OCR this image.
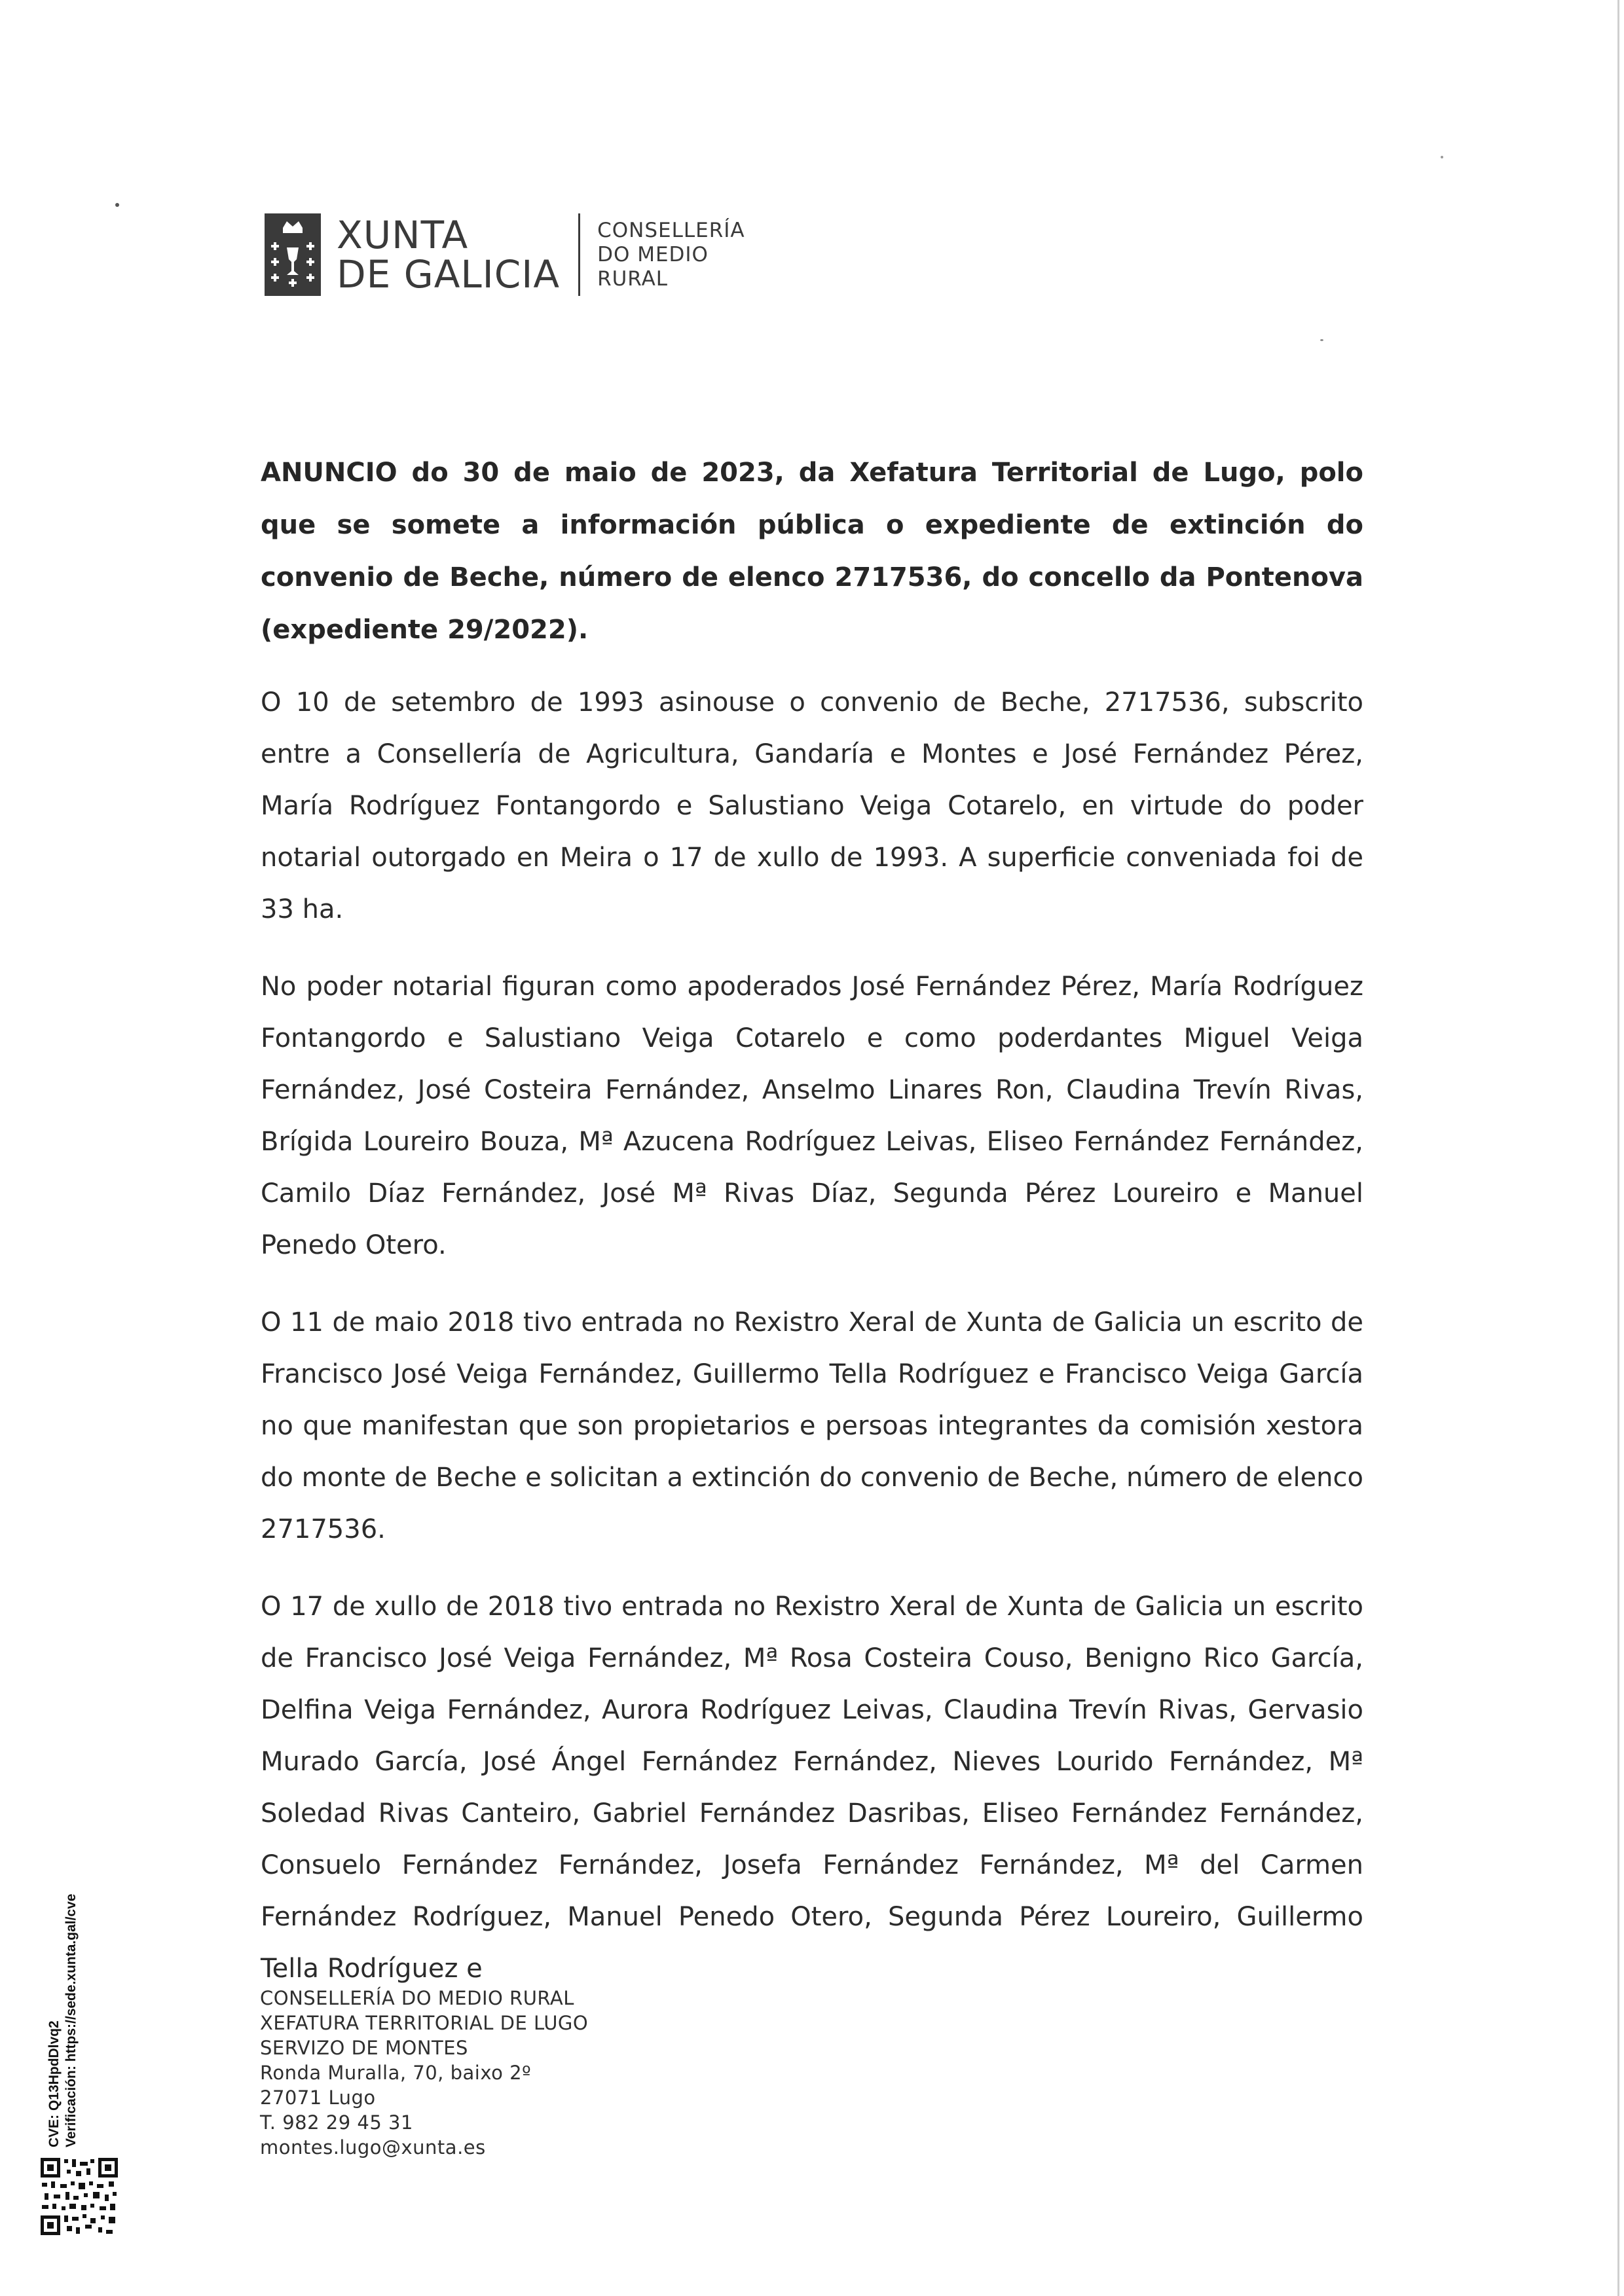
XUNTA
DE GALICIA
CONSELLERÍA
DO MEDIO
RURAL

ANUNCIO do 30 de maio de 2023, da Xefatura Territorial de Lugo, polo que se somete a información pública o expediente de extinción do convenio de Beche, número de elenco 2717536, do concello da Pontenova (expediente 29/2022).

O 10 de setembro de 1993 asinouse o convenio de Beche, 2717536, subscrito entre a Consellería de Agricultura, Gandaría e Montes e José Fernández Pérez, María Rodríguez Fontangordo e Salustiano Veiga Cotarelo, en virtude do poder notarial outorgado en Meira o 17 de xullo de 1993. A superficie conveniada foi de 33 ha.

No poder notarial figuran como apoderados José Fernández Pérez, María Rodríguez Fontangordo e Salustiano Veiga Cotarelo e como poderdantes Miguel Veiga Fernández, José Costeira Fernández, Anselmo Linares Ron, Claudina Trevín Rivas, Brígida Loureiro Bouza, Mª Azucena Rodríguez Leivas, Eliseo Fernández Fernández, Camilo Díaz Fernández, José Mª Rivas Díaz, Segunda Pérez Loureiro e Manuel Penedo Otero.

O 11 de maio 2018 tivo entrada no Rexistro Xeral de Xunta de Galicia un escrito de Francisco José Veiga Fernández, Guillermo Tella Rodríguez e Francisco Veiga García no que manifestan que son propietarios e persoas integrantes da comisión xestora do monte de Beche e solicitan a extinción do convenio de Beche, número de elenco 2717536.

O 17 de xullo de 2018 tivo entrada no Rexistro Xeral de Xunta de Galicia un escrito de Francisco José Veiga Fernández, Mª Rosa Costeira Couso, Benigno Rico García, Delfina Veiga Fernández, Aurora Rodríguez Leivas, Claudina Trevín Rivas, Gervasio Murado García, José Ángel Fernández Fernández, Nieves Lourido Fernández, Mª Soledad Rivas Canteiro, Gabriel Fernández Dasribas, Eliseo Fernández Fernández, Consuelo Fernández Fernández, Josefa Fernández Fernández, Mª del Carmen Fernández Rodríguez, Manuel Penedo Otero, Segunda Pérez Loureiro, Guillermo Tella Rodríguez e

CONSELLERÍA DO MEDIO RURAL
XEFATURA TERRITORIAL DE LUGO
SERVIZO DE MONTES
Ronda Muralla, 70, baixo 2º
27071 Lugo
T. 982 29 45 31
montes.lugo@xunta.es
CVE: Q13HpdDlvq2 Verificación: https://sede.xunta.gal/cve
